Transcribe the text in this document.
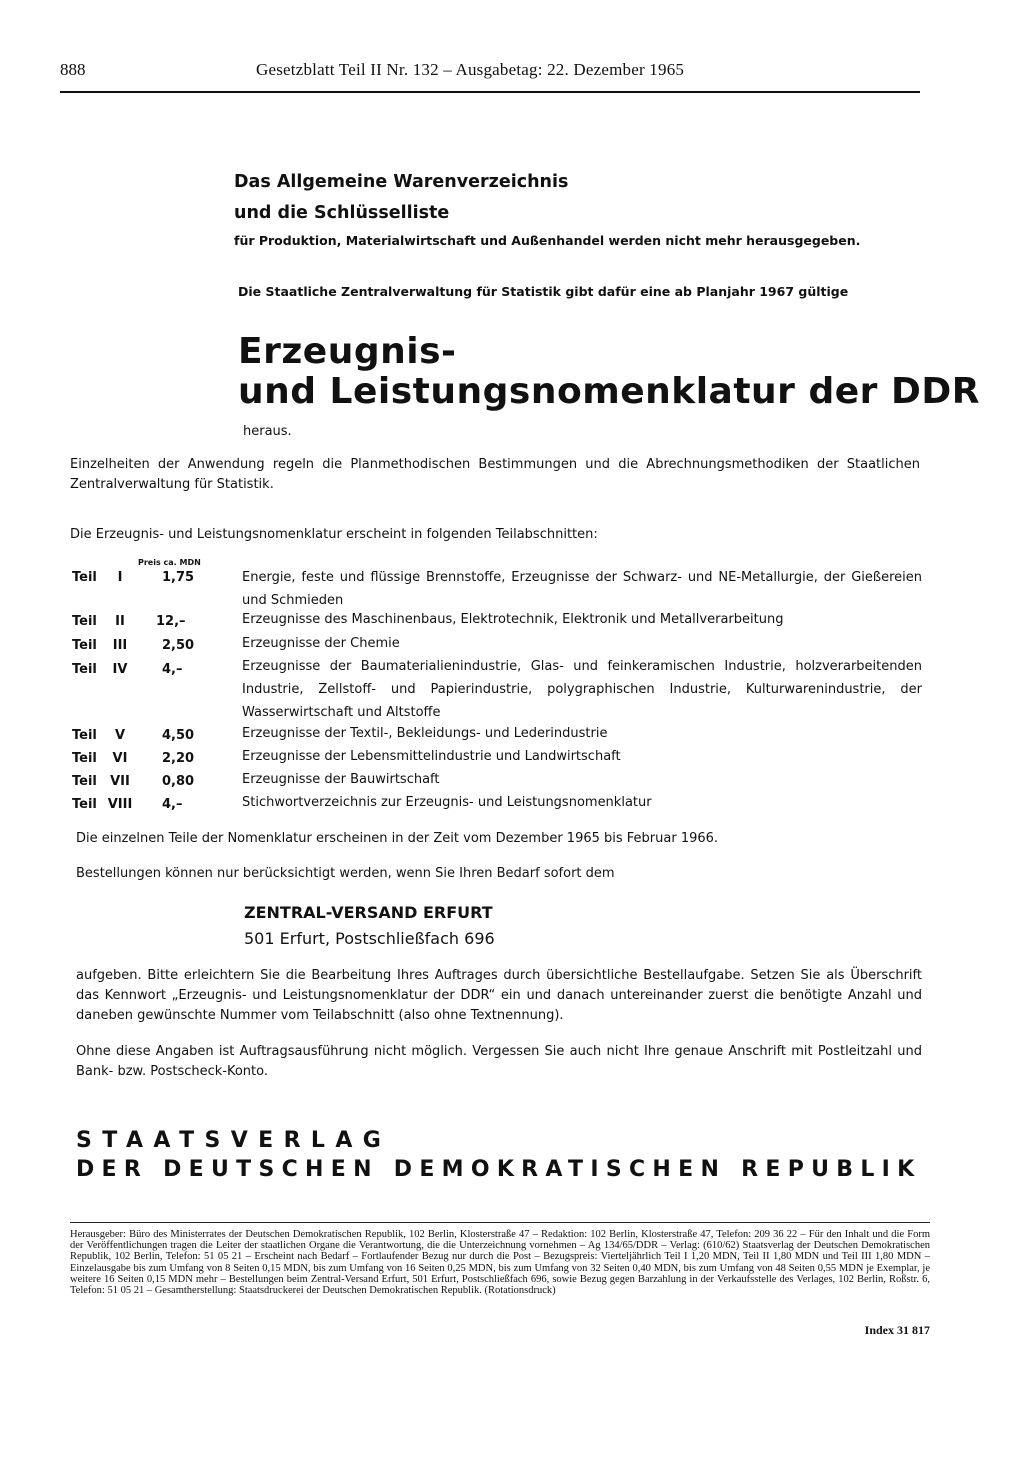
888	Gesetzblatt Teil II Nr. 132 – Ausgabetag: 22. Dezember 1965
Das Allgemeine Warenverzeichnis
und die Schlüsselliste
für Produktion, Materialwirtschaft und Außenhandel werden nicht mehr herausgegeben.
Die Staatliche Zentralverwaltung für Statistik gibt dafür eine ab Planjahr 1967 gültige
Erzeugnis-
und Leistungsnomenklatur der DDR
heraus.
Einzelheiten der Anwendung regeln die Planmethodischen Bestimmungen und die Abrechnungsmethodiken der Staatlichen Zentralverwaltung für Statistik.
Die Erzeugnis- und Leistungsnomenklatur erscheint in folgenden Teilabschnitten:
Preis ca. MDN
Teil	I	1,75	Energie, feste und flüssige Brennstoffe, Erzeugnisse der Schwarz- und NE-Metallurgie, der Gießereien und Schmieden
Teil	II	12,–	Erzeugnisse des Maschinenbaus, Elektrotechnik, Elektronik und Metallverarbeitung
Teil	III	2,50	Erzeugnisse der Chemie
Teil	IV	4,–	Erzeugnisse der Baumaterialienindustrie, Glas- und feinkeramischen Industrie, holzverarbeitenden Industrie, Zellstoff- und Papierindustrie, polygraphischen Industrie, Kulturwarenindustrie, der Wasserwirtschaft und Altstoffe
Teil	V	4,50	Erzeugnisse der Textil-, Bekleidungs- und Lederindustrie
Teil	VI	2,20	Erzeugnisse der Lebensmittelindustrie und Landwirtschaft
Teil	VII	0,80	Erzeugnisse der Bauwirtschaft
Teil VIII	4,–	Stichwortverzeichnis zur Erzeugnis- und Leistungsnomenklatur
Die einzelnen Teile der Nomenklatur erscheinen in der Zeit vom Dezember 1965 bis Februar 1966.
Bestellungen können nur berücksichtigt werden, wenn Sie Ihren Bedarf sofort dem
ZENTRAL-VERSAND ERFURT
501 Erfurt, Postschließfach 696
aufgeben. Bitte erleichtern Sie die Bearbeitung Ihres Auftrages durch übersichtliche Bestellaufgabe. Setzen Sie als Überschrift das Kennwort „Erzeugnis- und Leistungsnomenklatur der DDR“ ein und danach untereinander zuerst die benötigte Anzahl und daneben gewünschte Nummer vom Teilabschnitt (also ohne Textnennung).
Ohne diese Angaben ist Auftragsausführung nicht möglich. Vergessen Sie auch nicht Ihre genaue Anschrift mit Postleitzahl und Bank- bzw. Postscheck-Konto.
STAATSVERLAG
DER DEUTSCHEN DEMOKRATISCHEN REPUBLIK
Herausgeber: Büro des Ministerrates der Deutschen Demokratischen Republik, 102 Berlin, Klosterstraße 47 – Redaktion: 102 Berlin, Klosterstraße 47, Telefon: 209 36 22 – Für den Inhalt und die Form der Veröffentlichungen tragen die Leiter der staatlichen Organe die Verantwortung, die die Unterzeichnung vornehmen – Ag 134/65/DDR – Verlag: (610/62) Staatsverlag der Deutschen Demokratischen Republik, 102 Berlin, Telefon: 51 05 21 – Erscheint nach Bedarf – Fortlaufender Bezug nur durch die Post – Bezugspreis: Vierteljährlich Teil I 1,20 MDN, Teil II 1,80 MDN und Teil III 1,80 MDN – Einzelausgabe bis zum Umfang von 8 Seiten 0,15 MDN, bis zum Umfang von 16 Seiten 0,25 MDN, bis zum Umfang von 32 Seiten 0,40 MDN, bis zum Umfang von 48 Seiten 0,55 MDN je Exemplar, je weitere 16 Seiten 0,15 MDN mehr – Bestellungen beim Zentral-Versand Erfurt, 501 Erfurt, Postschließfach 696, sowie Bezug gegen Barzahlung in der Verkaufsstelle des Verlages, 102 Berlin, Roßstr. 6, Telefon: 51 05 21 – Gesamtherstellung: Staatsdruckerei der Deutschen Demokratischen Republik. (Rotationsdruck)
Index 31 817
